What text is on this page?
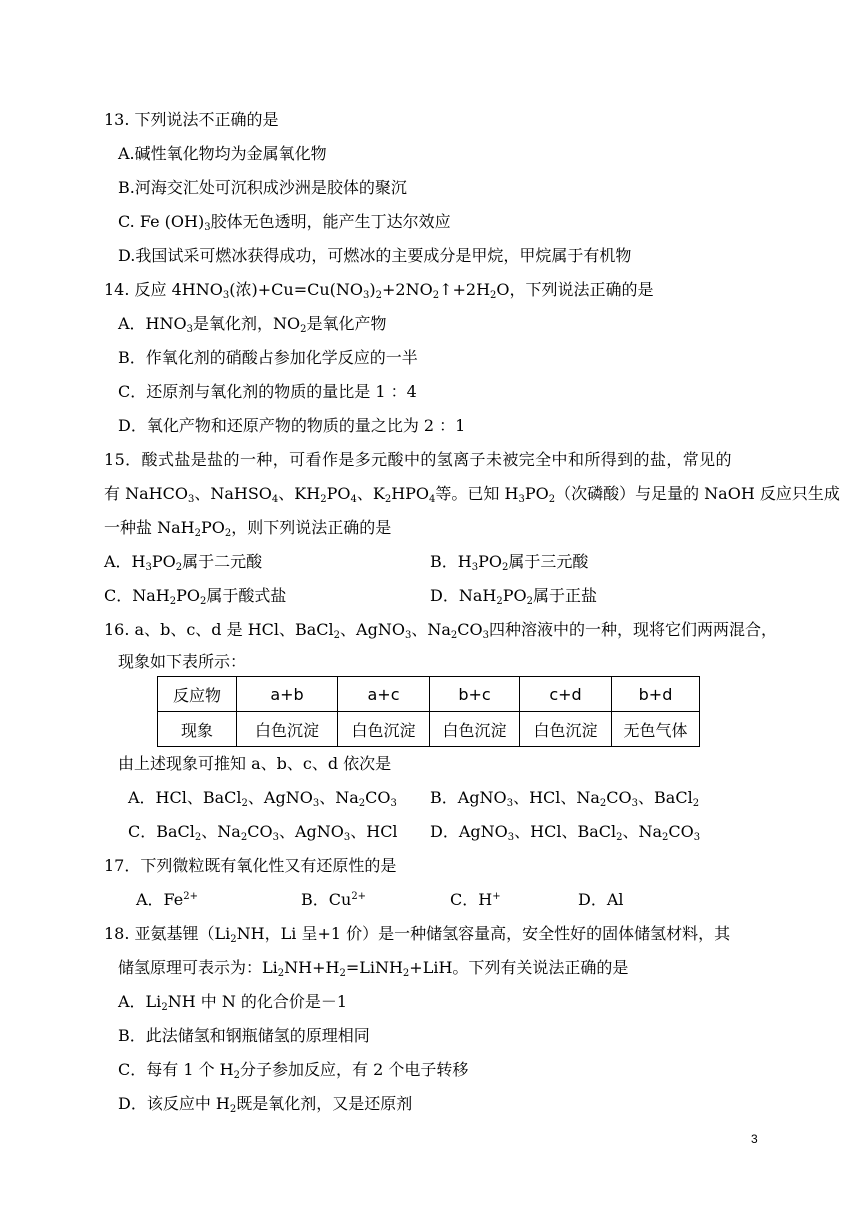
13. 下列说法不正确的是
A.碱性氧化物均为金属氧化物
B.河海交汇处可沉积成沙洲是胶体的聚沉
C. Fe $(OH)_3$胶体无色透明，能产生丁达尔效应
D.我国试采可燃冰获得成功，可燃冰的主要成分是甲烷，甲烷属于有机物
14. 反应 $4HNO_3$(浓)$+Cu=Cu(NO_3)_2+2NO_2↑+2H_2O$，下列说法正确的是
A．$HNO_3$是氧化剂，$NO_2$是氧化产物
B．作氧化剂的硝酸占参加化学反应的一半
C．还原剂与氧化剂的物质的量比是 1 ：4
D．氧化产物和还原产物的物质的量之比为 2 ：1
15．酸式盐是盐的一种，可看作是多元酸中的氢离子未被完全中和所得到的盐，常见的
有 NaHCO$_3$、NaHSO$_4$、$KH_2PO_4$、$K_2HPO_4$等。已知 $H_3PO_2$（次磷酸）与足量的 NaOH 反应只生成
一种盐 $NaH_2PO_2$，则下列说法正确的是
A．$H_3PO_2$属于二元酸	B．$H_3PO_2$属于三元酸
C．$NaH_2PO_2$属于酸式盐	D．$NaH_2PO_2$属于正盐
16. a、b、c、d 是 HCl、BaCl$_2$、AgNO$_3$、$Na_2CO_3$四种溶液中的一种，现将它们两两混合，
现象如下表所示：
反应物	a+b	a+c	b+c	c+d	b+d
现象	白色沉淀	白色沉淀	白色沉淀	白色沉淀	无色气体
由上述现象可推知 a、b、c、d 依次是
A．HCl、BaCl$_2$、AgNO$_3$、$Na_2CO_3$ B．AgNO$_3$、HCl、$Na_2CO_3$、BaCl$_2$
C．BaCl$_2$、$Na_2CO_3$、AgNO$_3$、HCl D．AgNO$_3$、HCl、BaCl$_2$、$Na_2CO_3$
17．下列微粒既有氧化性又有还原性的是
A．$Fe^{2+}$	B．$Cu^{2+}$	C．H+	D．Al
18. 亚氨基锂（$Li_2NH$，Li 呈+1 价）是一种储氢容量高，安全性好的固体储氢材料，其
储氢原理可表示为：$Li_2NH+H_2=LiNH_2+LiH$。下列有关说法正确的是
A．$Li_2NH$ 中 N 的化合价是－1
B．此法储氢和钢瓶储氢的原理相同
C．每有 1 个 $H_2$分子参加反应，有 2 个电子转移
D．该反应中 $H_2$既是氧化剂，又是还原剂
3
